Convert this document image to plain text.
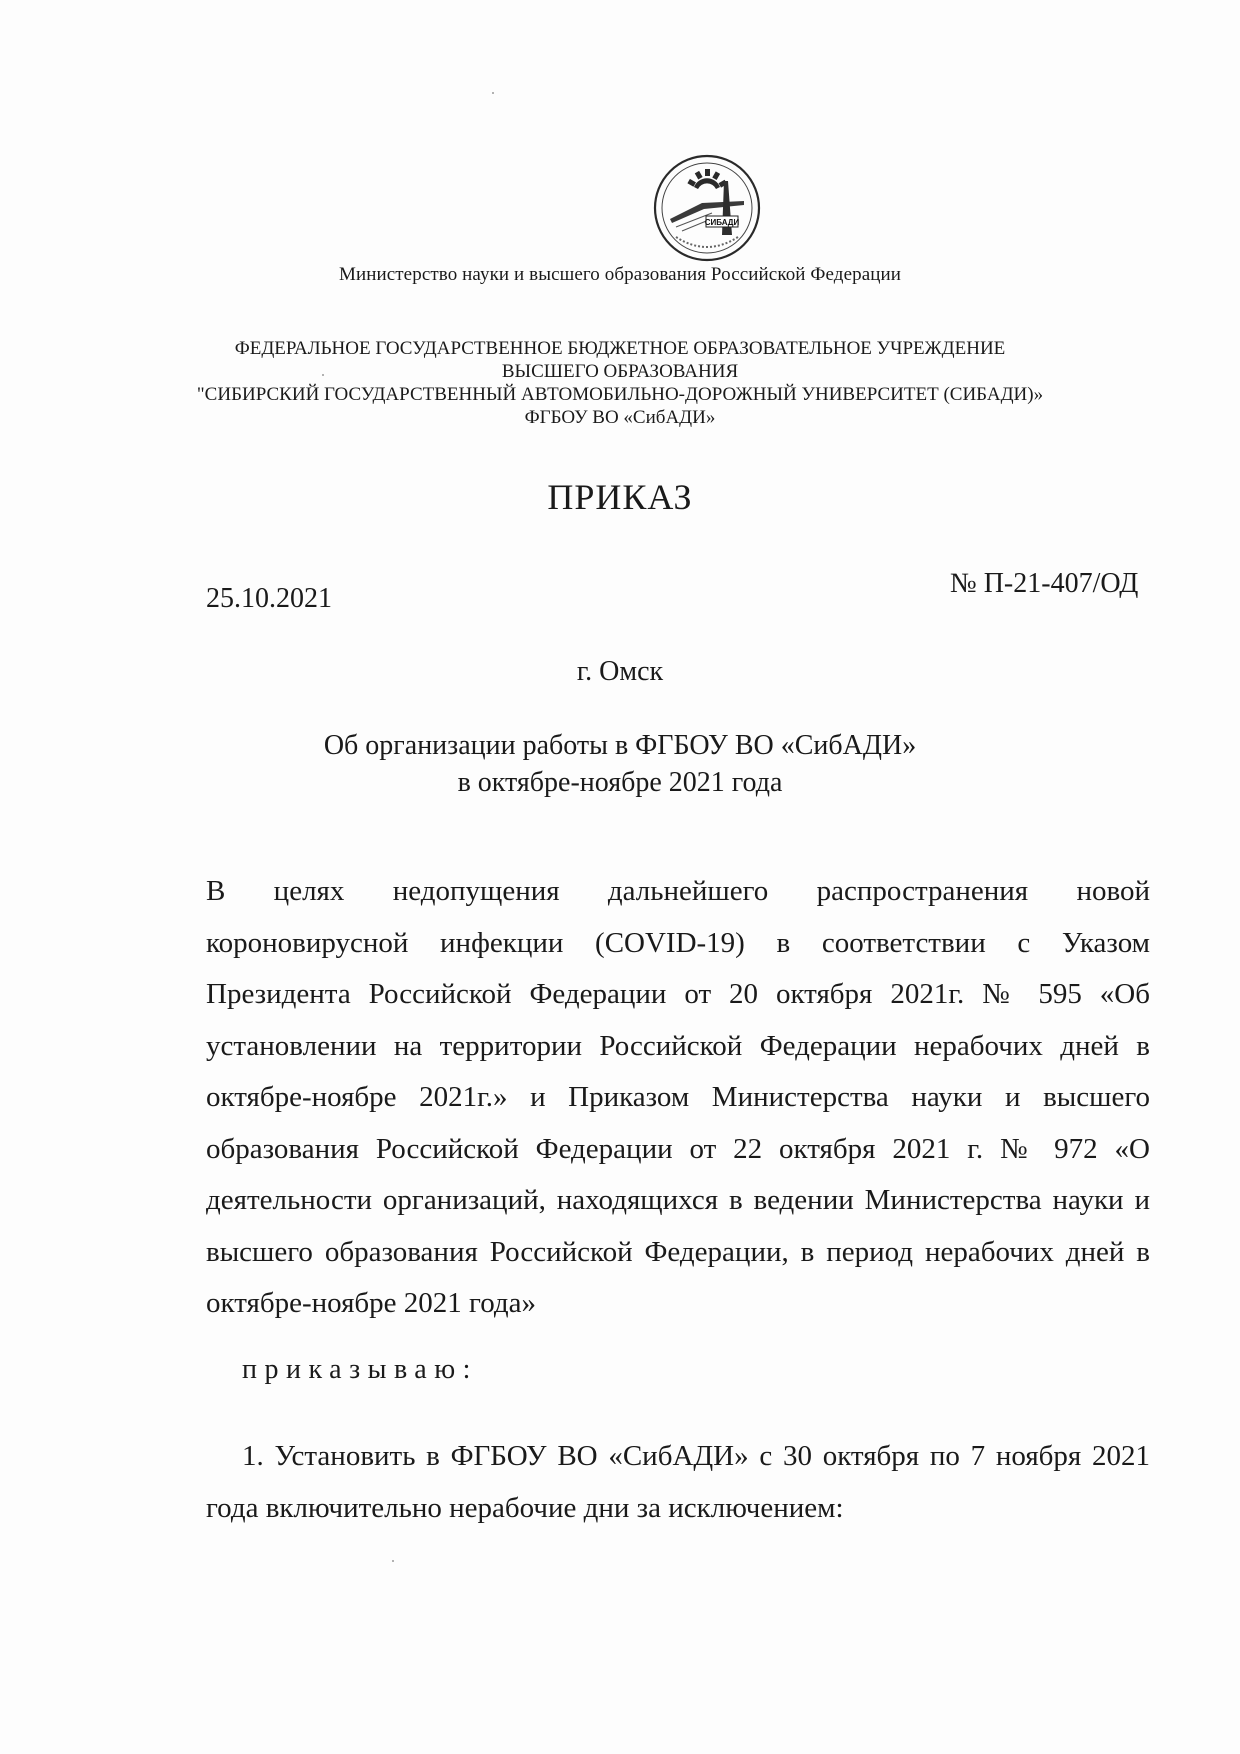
СИБАДИ
Министерство науки и высшего образования Российской Федерации
ФЕДЕРАЛЬНОЕ ГОСУДАРСТВЕННОЕ БЮДЖЕТНОЕ ОБРАЗОВАТЕЛЬНОЕ УЧРЕЖДЕНИЕ
ВЫСШЕГО ОБРАЗОВАНИЯ
"СИБИРСКИЙ ГОСУДАРСТВЕННЫЙ АВТОМОБИЛЬНО-ДОРОЖНЫЙ УНИВЕРСИТЕТ (СИБАДИ)»
ФГБОУ ВО «СибАДИ»
ПРИКАЗ
25.10.2021	№ П-21-407/ОД
г. Омск
Об организации работы в ФГБОУ ВО «СибАДИ»
в октябре-ноябре 2021 года
В целях недопущения дальнейшего распространения новой короновирусной инфекции (COVID-19) в соответствии с Указом Президента Российской Федерации от 20 октября 2021г. № 595 «Об установлении на территории Российской Федерации нерабочих дней в октябре-ноябре 2021г.» и Приказом Министерства науки и высшего образования Российской Федерации от 22 октября 2021 г. № 972 «О деятельности организаций, находящихся в ведении Министерства науки и высшего образования Российской Федерации, в период нерабочих дней в октябре-ноябре 2021 года»
приказываю:
1. Установить в ФГБОУ ВО «СибАДИ» с 30 октября по 7 ноября 2021 года включительно нерабочие дни за исключением:
